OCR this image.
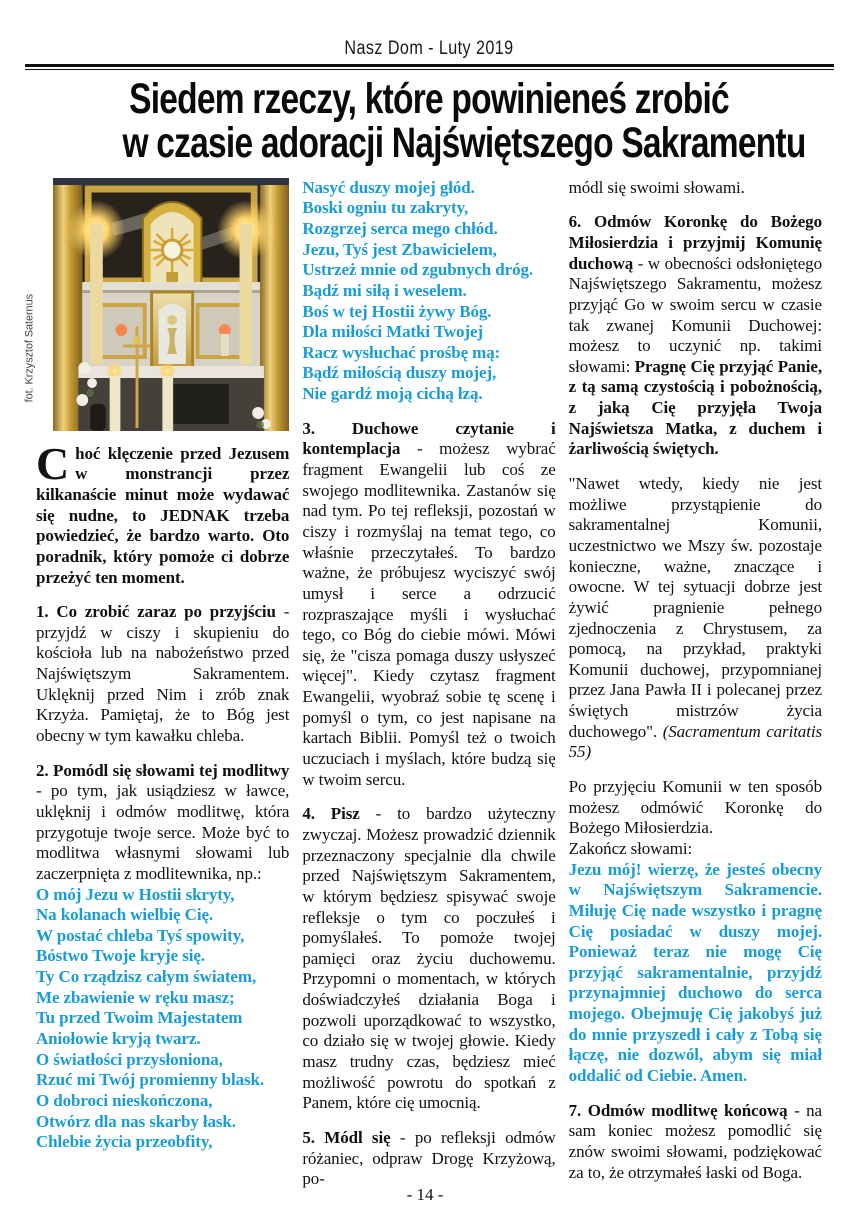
Nasz Dom - Luty 2019
Siedem rzeczy, które powinieneś zrobić
w czasie adoracji Najświętszego Sakramentu
fot. Krzysztof Saternus

Choć klęczenie przed Jezusem w monstrancji przez kilkanaście minut może wydawać się nudne, to JEDNAK trzeba powiedzieć, że bardzo warto. Oto poradnik, który pomoże ci dobrze przeżyć ten moment.

1. Co zrobić zaraz po przyjściu - przyjdź w ciszy i skupieniu do kościoła lub na nabożeństwo przed Najświętszym Sakramentem. Uklęknij przed Nim i zrób znak Krzyża. Pamiętaj, że to Bóg jest obecny w tym kawałku chleba.

2. Pomódl się słowami tej modlitwy - po tym, jak usiądziesz w ławce, uklęknij i odmów modlitwę, która przygotuje twoje serce. Może być to modlitwa własnymi słowami lub zaczerpnięta z modlitewnika, np.:

O mój Jezu w Hostii skryty,
Na kolanach wielbię Cię.
W postać chleba Tyś spowity,
Bóstwo Twoje kryje się.
Ty Co rządzisz całym światem,
Me zbawienie w ręku masz;
Tu przed Twoim Majestatem
Aniołowie kryją twarz.
O światłości przysłoniona,
Rzuć mi Twój promienny blask.
O dobroci nieskończona,
Otwórz dla nas skarby łask.
Chlebie życia przeobfity,
Nasyć duszy mojej głód.
Boski ogniu tu zakryty,
Rozgrzej serca mego chłód.
Jezu, Tyś jest Zbawicielem,
Ustrzeż mnie od zgubnych dróg.
Bądź mi siłą i weselem.
Boś w tej Hostii żywy Bóg.
Dla miłości Matki Twojej
Racz wysłuchać prośbę mą:
Bądź miłością duszy mojej,
Nie gardź moją cichą łzą.

3. Duchowe czytanie i kontemplacja - możesz wybrać fragment Ewangelii lub coś ze swojego modlitewnika. Zastanów się nad tym. Po tej refleksji, pozostań w ciszy i rozmyślaj na temat tego, co właśnie przeczytałeś. To bardzo ważne, że próbujesz wyciszyć swój umysł i serce a odrzucić rozpraszające myśli i wysłuchać tego, co Bóg do ciebie mówi. Mówi się, że "cisza pomaga duszy usłyszeć więcej". Kiedy czytasz fragment Ewangelii, wyobraź sobie tę scenę i pomyśl o tym, co jest napisane na kartach Biblii. Pomyśl też o twoich uczuciach i myślach, które budzą się w twoim sercu.

4. Pisz - to bardzo użyteczny zwyczaj. Możesz prowadzić dziennik przeznaczony specjalnie dla chwile przed Najświętszym Sakramentem, w którym będziesz spisywać swoje refleksje o tym co poczułeś i pomyślałeś. To pomoże twojej pamięci oraz życiu duchowemu. Przypomni o momentach, w których doświadczyłeś działania Boga i pozwoli uporządkować to wszystko, co działo się w twojej głowie. Kiedy masz trudny czas, będziesz mieć możliwość powrotu do spotkań z Panem, które cię umocnią.

5. Módl się - po refleksji odmów różaniec, odpraw Drogę Krzyżową, po-

módl się swoimi słowami.

6. Odmów Koronkę do Bożego Miłosierdzia i przyjmij Komunię duchową - w obecności odsłoniętego Najświętszego Sakramentu, możesz przyjąć Go w swoim sercu w czasie tak zwanej Komunii Duchowej: możesz to uczynić np. takimi słowami: Pragnę Cię przyjąć Panie, z tą samą czystością i pobożnością, z jaką Cię przyjęła Twoja Najświetsza Matka, z duchem i żarliwością świętych.

"Nawet wtedy, kiedy nie jest możliwe przystąpienie do sakramentalnej Komunii, uczestnictwo we Mszy św. pozostaje konieczne, ważne, znaczące i owocne. W tej sytuacji dobrze jest żywić pragnienie pełnego zjednoczenia z Chrystusem, za pomocą, na przykład, praktyki Komunii duchowej, przypomnianej przez Jana Pawła II i polecanej przez świętych mistrzów życia duchowego". (Sacramentum caritatis 55)

Po przyjęciu Komunii w ten sposób możesz odmówić Koronkę do Bożego Miłosierdzia.

Zakończ słowami:

Jezu mój! wierzę, że jesteś obecny w Najświętszym Sakramencie. Miłuję Cię nade wszystko i pragnę Cię posiadać w duszy mojej. Ponieważ teraz nie mogę Cię przyjąć sakramentalnie, przyjdź przynajmniej duchowo do serca mojego. Obejmuję Cię jakobyś już do mnie przyszedł i cały z Tobą się łączę, nie dozwól, abym się miał oddalić od Ciebie. Amen.

7. Odmów modlitwę końcową - na sam koniec możesz pomodlić się znów swoimi słowami, podziękować za to, że otrzymałeś łaski od Boga.

- 14 -
